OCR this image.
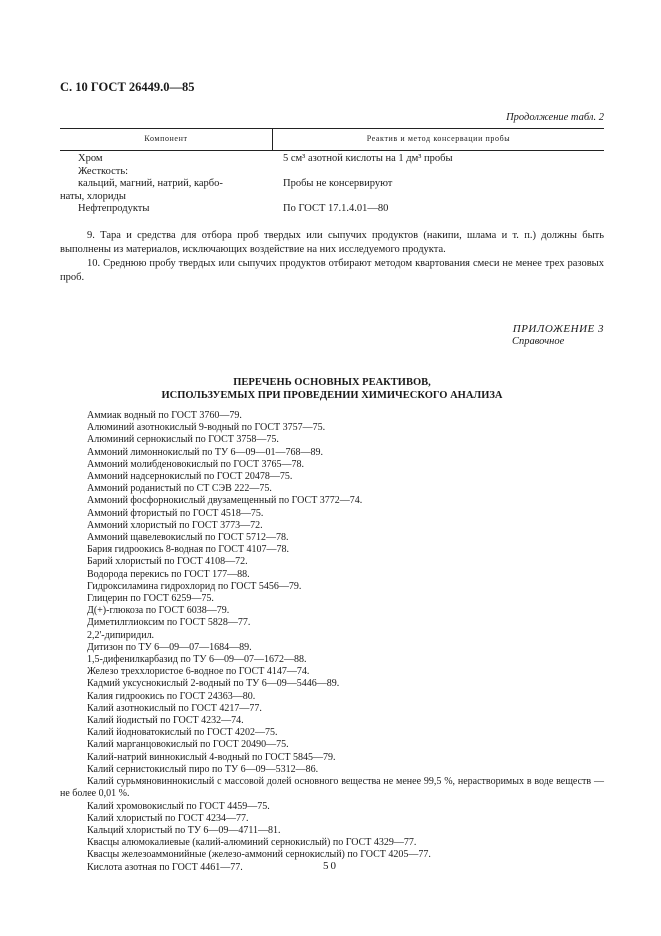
С. 10 ГОСТ 26449.0—85
Продолжение табл. 2
Компонент	Реактив и метод консервации пробы
Хром	5 см³ азотной кислоты на 1 дм³ пробы
Жесткость:
кальций, магний, натрий, карбо-	Пробы не консервируют
наты, хлориды
Нефтепродукты	По ГОСТ 17.1.4.01—80

9. Тара и средства для отбора проб твердых или сыпучих продуктов (накипи, шлама и т. п.) должны быть выполнены из материалов, исключающих воздействие на них исследуемого продукта.

10. Среднюю пробу твердых или сыпучих продуктов отбирают методом квартования смеси не менее трех разовых проб.

ПРИЛОЖЕНИЕ 3
Справочное
ПЕРЕЧЕНЬ ОСНОВНЫХ РЕАКТИВОВ,
ИСПОЛЬЗУЕМЫХ ПРИ ПРОВЕДЕНИИ ХИМИЧЕСКОГО АНАЛИЗА
Аммиак водный по ГОСТ 3760—79.
Алюминий азотнокислый 9-водный по ГОСТ 3757—75.
Алюминий сернокислый по ГОСТ 3758—75.
Аммоний лимоннокислый по ТУ 6—09—01—768—89.
Аммоний молибденовокислый по ГОСТ 3765—78.
Аммоний надсернокислый по ГОСТ 20478—75.
Аммоний роданистый по СТ СЭВ 222—75.
Аммоний фосфорнокислый двузамещенный по ГОСТ 3772—74.
Аммоний фтористый по ГОСТ 4518—75.
Аммоний хлористый по ГОСТ 3773—72.
Аммоний щавелевокислый по ГОСТ 5712—78.
Бария гидроокись 8-водная по ГОСТ 4107—78.
Барий хлористый по ГОСТ 4108—72.
Водорода перекись по ГОСТ 177—88.
Гидроксиламина гидрохлорид по ГОСТ 5456—79.
Глицерин по ГОСТ 6259—75.
Д(+)-глюкоза по ГОСТ 6038—79.
Диметилглиоксим по ГОСТ 5828—77.
2,2'-дипиридил.
Дитизон по ТУ 6—09—07—1684—89.
1,5-дифенилкарбазид по ТУ 6—09—07—1672—88.
Железо треххлористое 6-водное по ГОСТ 4147—74.
Кадмий уксуснокислый 2-водный по ТУ 6—09—5446—89.
Калия гидроокись по ГОСТ 24363—80.
Калий азотнокислый по ГОСТ 4217—77.
Калий йодистый по ГОСТ 4232—74.
Калий йодноватокислый по ГОСТ 4202—75.
Калий марганцовокислый по ГОСТ 20490—75.
Калий-натрий виннокислый 4-водный по ГОСТ 5845—79.
Калий сернистокислый пиро по ТУ 6—09—5312—86.
Калий сурьмяновиннокислый с массовой долей основного вещества не менее 99,5 %, нерастворимых в воде веществ — не более 0,01 %.
Калий хромовокислый по ГОСТ 4459—75.
Калий хлористый по ГОСТ 4234—77.
Кальций хлористый по ТУ 6—09—4711—81.
Квасцы алюмокалиевые (калий-алюминий сернокислый) по ГОСТ 4329—77.
Квасцы железоаммонийные (железо-аммоний сернокислый) по ГОСТ 4205—77.
Кислота азотная по ГОСТ 4461—77.	50
